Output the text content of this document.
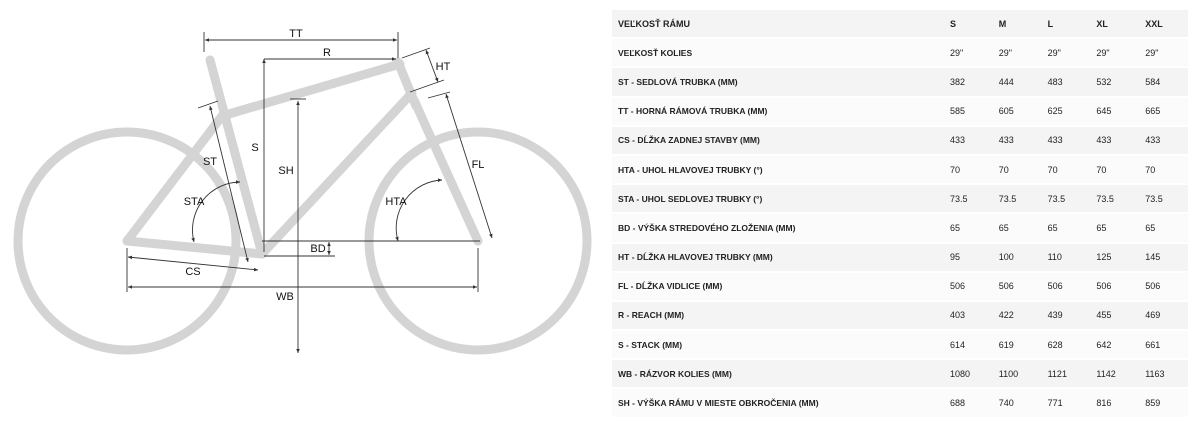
TT
R
HT
S
SH
ST
STA	HTA
FL
BD
CS
WB
VEĽKOSŤ RÁMU	S	M	L	XL	XXL
VEĽKOSŤ KOLIES	29"	29"	29"	29"	29"
ST - SEDLOVÁ TRUBKA (MM)	382	444	483	532	584
TT - HORNÁ RÁMOVÁ TRUBKA (MM)	585	605	625	645	665
CS - DĹŽKA ZADNEJ STAVBY (MM)	433	433	433	433	433
HTA - UHOL HLAVOVEJ TRUBKY (°)	70	70	70	70	70
STA - UHOL SEDLOVEJ TRUBKY (°)	73.5	73.5	73.5	73.5	73.5
BD - VÝŠKA STREDOVÉHO ZLOŽENIA (MM)	65	65	65	65	65
HT - DĹŽKA HLAVOVEJ TRUBKY (MM)	95	100	110	125	145
FL - DĹŽKA VIDLICE (MM)	506	506	506	506	506
R - REACH (MM)	403	422	439	455	469
S - STACK (MM)	614	619	628	642	661
WB - RÁZVOR KOLIES (MM)	1080	1100	1121	1142	1163
SH - VÝŠKA RÁMU V MIESTE OBKROČENIA (MM)	688	740	771	816	859
